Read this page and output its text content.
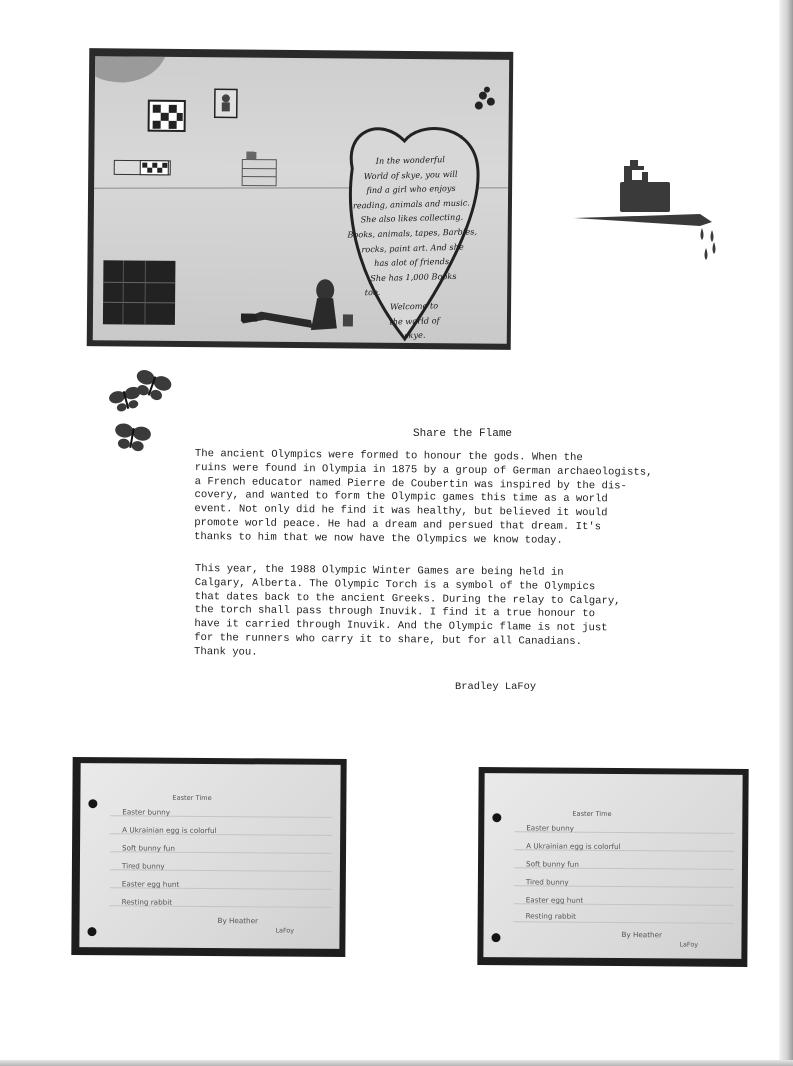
In the wonderful
World of skye, you will
find a girl who enjoys
reading, animals and music.
She also likes collecting.
Books, animals, tapes, Barbies,
rocks, paint art. And she
has alot of friends.
She has 1,000 Books
too.
Welcome to
the world of
skye.
Share the Flame
The ancient Olympics were formed to honour the gods. When the
ruins were found in Olympia in 1875 by a group of German archaeologists,
a French educator named Pierre de Coubertin was inspired by the dis-
covery, and wanted to form the Olympic games this time as a world
event. Not only did he find it was healthy, but believed it would
promote world peace. He had a dream and persued that dream. It's
thanks to him that we now have the Olympics we know today.
This year, the 1988 Olympic Winter Games are being held in
Calgary, Alberta. The Olympic Torch is a symbol of the Olympics
that dates back to the ancient Greeks. During the relay to Calgary,
the torch shall pass through Inuvik. I find it a true honour to
have it carried through Inuvik. And the Olympic flame is not just
for the runners who carry it to share, but for all Canadians.
Thank you.
Bradley LaFoy
Easter Time
Easter bunny
A Ukrainian egg is colorful
Soft bunny fun
Tired bunny
Easter egg hunt
Resting rabbit
By Heather
LaFoy
Easter Time
Easter bunny
A Ukrainian egg is colorful
Soft bunny fun
Tired bunny
Easter egg hunt
Resting rabbit
By Heather
LaFoy
